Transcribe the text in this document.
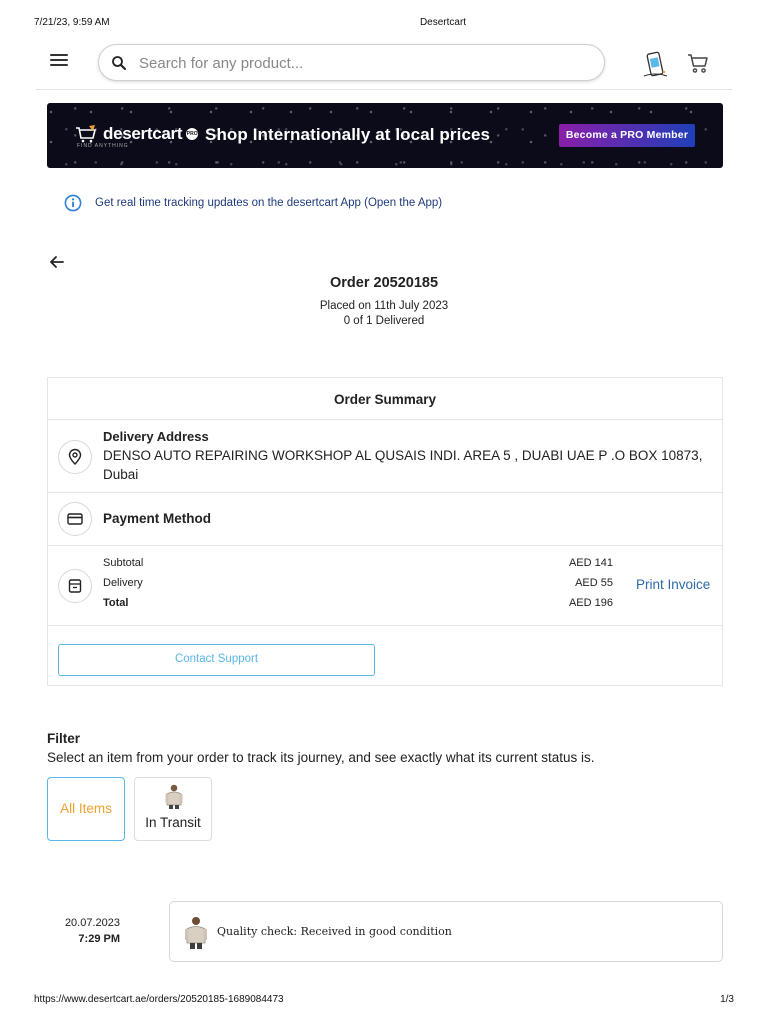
7/21/23, 9:59 AM	Desertcart
Search for any product...
desertcart PRO
FIND ANYTHING
Shop Internationally at local prices	Become a PRO Member
Get real time tracking updates on the desertcart App (Open the App)
Order 20520185
Placed on 11th July 2023
0 of 1 Delivered
Order Summary
Delivery Address
DENSO AUTO REPAIRING WORKSHOP AL QUSAIS INDI. AREA 5 , DUABI UAE P .O BOX 10873, Dubai
Payment Method
Subtotal	AED 141
Delivery	AED 55
Total	AED 196
Print Invoice
Contact Support
Filter
Select an item from your order to track its journey, and see exactly what its current status is.
All Items
In Transit
20.07.2023
7:29 PM
Quality check: Received in good condition
https://www.desertcart.ae/orders/20520185-1689084473	1/3
